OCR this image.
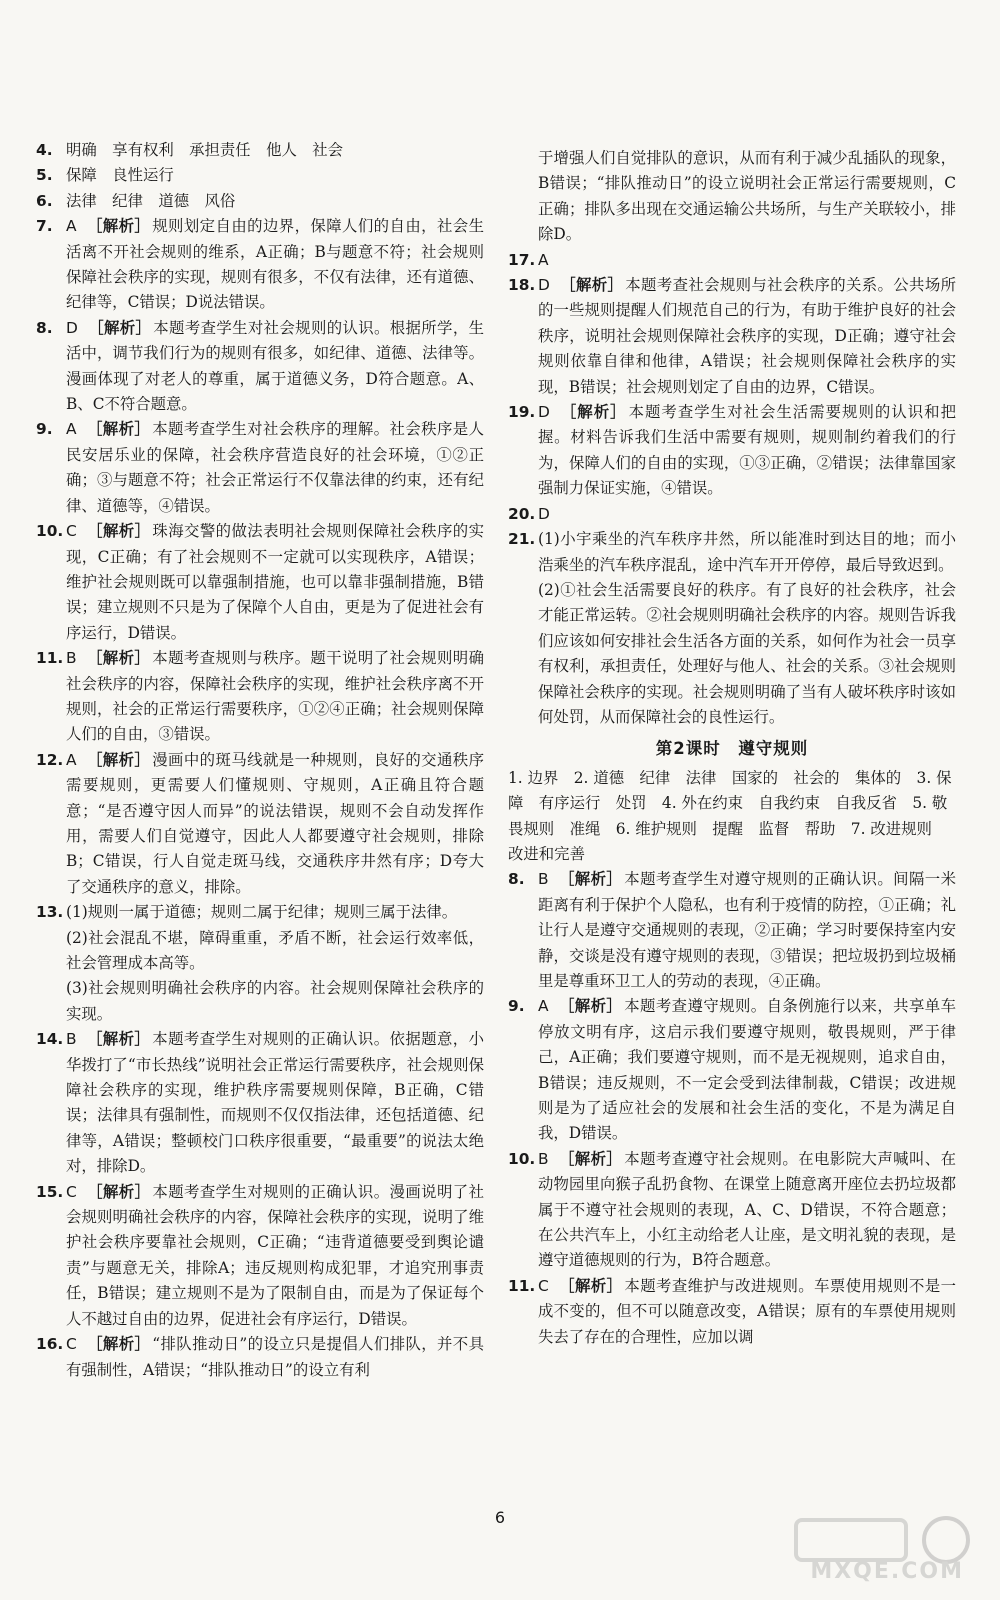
4. 明确　享有权利　承担责任　他人　社会

5. 保障　良性运行

6. 法律　纪律　道德　风俗

7. A ［解析］ 规则划定自由的边界，保障人们的自由，社会生活离不开社会规则的维系，A正确；B与题意不符；社会规则保障社会秩序的实现，规则有很多，不仅有法律，还有道德、纪律等，C错误；D说法错误。

8. D ［解析］ 本题考查学生对社会规则的认识。根据所学，生活中，调节我们行为的规则有很多，如纪律、道德、法律等。漫画体现了对老人的尊重，属于道德义务，D符合题意。A、B、C不符合题意。

9. A ［解析］ 本题考查学生对社会秩序的理解。社会秩序是人民安居乐业的保障，社会秩序营造良好的社会环境，①②正确；③与题意不符；社会正常运行不仅靠法律的约束，还有纪律、道德等，④错误。

10. C ［解析］ 珠海交警的做法表明社会规则保障社会秩序的实现，C正确；有了社会规则不一定就可以实现秩序，A错误；维护社会规则既可以靠强制措施，也可以靠非强制措施，B错误；建立规则不只是为了保障个人自由，更是为了促进社会有序运行，D错误。

11. B ［解析］ 本题考查规则与秩序。题干说明了社会规则明确社会秩序的内容，保障社会秩序的实现，维护社会秩序离不开规则，社会的正常运行需要秩序，①②④正确；社会规则保障人们的自由，③错误。

12. A ［解析］ 漫画中的斑马线就是一种规则，良好的交通秩序需要规则，更需要人们懂规则、守规则，A正确且符合题意；“是否遵守因人而异”的说法错误，规则不会自动发挥作用，需要人们自觉遵守，因此人人都要遵守社会规则，排除B；C错误，行人自觉走斑马线，交通秩序井然有序；D夸大了交通秩序的意义，排除。

13. (1)规则一属于道德；规则二属于纪律；规则三属于法律。
(2)社会混乱不堪，障碍重重，矛盾不断，社会运行效率低，社会管理成本高等。
(3)社会规则明确社会秩序的内容。社会规则保障社会秩序的实现。

14. B ［解析］ 本题考查学生对规则的正确认识。依据题意，小华拨打了“市长热线”说明社会正常运行需要秩序，社会规则保障社会秩序的实现，维护秩序需要规则保障，B正确，C错误；法律具有强制性，而规则不仅仅指法律，还包括道德、纪律等，A错误；整顿校门口秩序很重要，“最重要”的说法太绝对，排除D。

15. C ［解析］ 本题考查学生对规则的正确认识。漫画说明了社会规则明确社会秩序的内容，保障社会秩序的实现，说明了维护社会秩序要靠社会规则，C正确；“违背道德要受到舆论谴责”与题意无关，排除A；违反规则构成犯罪，才追究刑事责任，B错误；建立规则不是为了限制自由，而是为了保证每个人不越过自由的边界，促进社会有序运行，D错误。

16. C ［解析］ “排队推动日”的设立只是提倡人们排队，并不具有强制性，A错误；“排队推动日”的设立有利

于增强人们自觉排队的意识，从而有利于减少乱插队的现象，B错误；“排队推动日”的设立说明社会正常运行需要规则，C正确；排队多出现在交通运输公共场所，与生产关联较小，排除D。

17. A

18. D ［解析］ 本题考查社会规则与社会秩序的关系。公共场所的一些规则提醒人们规范自己的行为，有助于维护良好的社会秩序，说明社会规则保障社会秩序的实现，D正确；遵守社会规则依靠自律和他律，A错误；社会规则保障社会秩序的实现，B错误；社会规则划定了自由的边界，C错误。

19. D ［解析］ 本题考查学生对社会生活需要规则的认识和把握。材料告诉我们生活中需要有规则，规则制约着我们的行为，保障人们的自由的实现，①③正确，②错误；法律靠国家强制力保证实施，④错误。

20. D

21. (1)小宇乘坐的汽车秩序井然，所以能准时到达目的地；而小浩乘坐的汽车秩序混乱，途中汽车开开停停，最后导致迟到。
(2)①社会生活需要良好的秩序。有了良好的社会秩序，社会才能正常运转。②社会规则明确社会秩序的内容。规则告诉我们应该如何安排社会生活各方面的关系，如何作为社会一员享有权利，承担责任，处理好与他人、社会的关系。③社会规则保障社会秩序的实现。社会规则明确了当有人破坏秩序时该如何处罚，从而保障社会的良性运行。
第2课时　遵守规则

1. 边界　2. 道德　纪律　法律　国家的　社会的　集体的　3. 保障　有序运行　处罚　4. 外在约束　自我约束　自我反省　5. 敬畏规则　准绳　6. 维护规则　提醒　监督　帮助　7. 改进规则　改进和完善

8. B ［解析］ 本题考查学生对遵守规则的正确认识。间隔一米距离有利于保护个人隐私，也有利于疫情的防控，①正确；礼让行人是遵守交通规则的表现，②正确；学习时要保持室内安静，交谈是没有遵守规则的表现，③错误；把垃圾扔到垃圾桶里是尊重环卫工人的劳动的表现，④正确。

9. A ［解析］ 本题考查遵守规则。自条例施行以来，共享单车停放文明有序，这启示我们要遵守规则，敬畏规则，严于律己，A正确；我们要遵守规则，而不是无视规则，追求自由，B错误；违反规则，不一定会受到法律制裁，C错误；改进规则是为了适应社会的发展和社会生活的变化，不是为满足自我，D错误。

10. B ［解析］ 本题考查遵守社会规则。在电影院大声喊叫、在动物园里向猴子乱扔食物、在课堂上随意离开座位去扔垃圾都属于不遵守社会规则的表现，A、C、D错误，不符合题意；在公共汽车上，小红主动给老人让座，是文明礼貌的表现，是遵守道德规则的行为，B符合题意。

11. C ［解析］ 本题考查维护与改进规则。车票使用规则不是一成不变的，但不可以随意改变，A错误；原有的车票使用规则失去了存在的合理性，应加以调

6
MXQE.COM
